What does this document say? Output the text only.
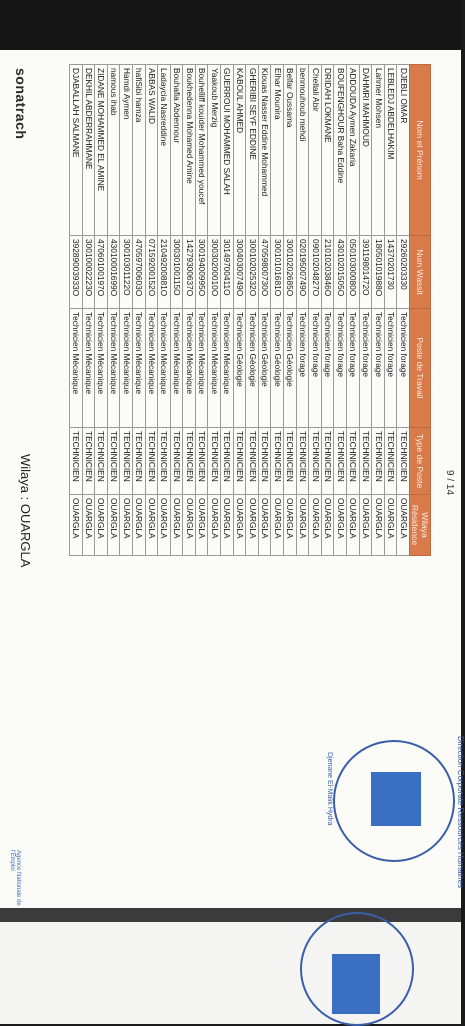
sonatrach
Wilaya : OUARGLA	9 / 14
Nom et Prénom	Num Wassit	Poste de Travail	Type de Poste	Wilaya Résidence
DJEBLI OMAR	29260203330	Technicien forage	TECHNICIEN	OUARGLA
LEBLEDJ ABDELHAKIM	14370201730	Technicien forage	TECHNICIEN	OUARGLA
Lahmer Mohsen	18050101988O	Technicien forage	TECHNICIEN	OUARGLA
DAHMRI MAHMOUD	39119801472O	Technicien forage	TECHNICIEN	OUARGLA
ADDOUDA Aymen Zakaria	05010300080O	Technicien forage	TECHNICIEN	OUARGLA
BOUFENGHOUR Baha Eddine	43010201505O	Technicien forage	TECHNICIEN	OUARGLA
DRIDAH LOKMANE	21010203846O	Technicien forage	TECHNICIEN	OUARGLA
Chellali Abir	09010204827O	Technicien forage	TECHNICIEN	OUARGLA
benmouhoub mehdi	02019500749O	Technicien forage	TECHNICIEN	OUARGLA
Belfar Oussama	30010202685O	Technicien Géologie	TECHNICIEN	OUARGLA
Elhar Mounira	30010101681O	Technicien Géologie	TECHNICIEN	OUARGLA
Kiouas Nasser Eddine Mohammed	47059800730O	Technicien Géologie	TECHNICIEN	OUARGLA
GHERIBI SEYF EDDINE	30010202532O	Technicien Géologie	TECHNICIEN	OUARGLA
KABOUL AHMED	30040300749O	Technicien Géologie	TECHNICIEN	OUARGLA
GUERROUI MOHAMMED SALAH	30149700411O	Technicien Mécanique	TECHNICIEN	OUARGLA
Yaakoub Merzig	30030200010O	Technicien Mécanique	TECHNICIEN	OUARGLA
Bouhelliff kouider Mohammed youcef	30019400995O	Technicien Mécanique	TECHNICIEN	OUARGLA
Boukhedenna Mohamed Amine	14279300637O	Technicien Mécanique	TECHNICIEN	OUARGLA
Bouhafia Abdennour	30030100115O	Technicien Mécanique	TECHNICIEN	OUARGLA
Ladaycia Nasreddine	21049200881O	Technicien Mécanique	TECHNICIEN	OUARGLA
ABBAS WALID	07159200152O	Technicien Mécanique	TECHNICIEN	OUARGLA
hafiSibi hamza	47059700603O	Technicien Mécanique	TECHNICIEN	OUARGLA
Hamdi Aymen	30010301122O	Technicien Mécanique	TECHNICIEN	OUARGLA
namous ihab	43010001699O	Technicien Mécanique	TECHNICIEN	OUARGLA
ZIDANE MOHAMMED EL AMINE	47060100197O	Technicien Mécanique	TECHNICIEN	OUARGLA
DEKHIL ABDERRAHMANE	30010002223O	Technicien Mécanique	TECHNICIEN	OUARGLA
DJABALLAH SALMANE	39289003933O	Technicien Mécanique	TECHNICIEN	OUARGLA
Direction Corporate Ressources Humaines
Djenane El-Malik Hydra
Agence Nationale de l'Emploi
